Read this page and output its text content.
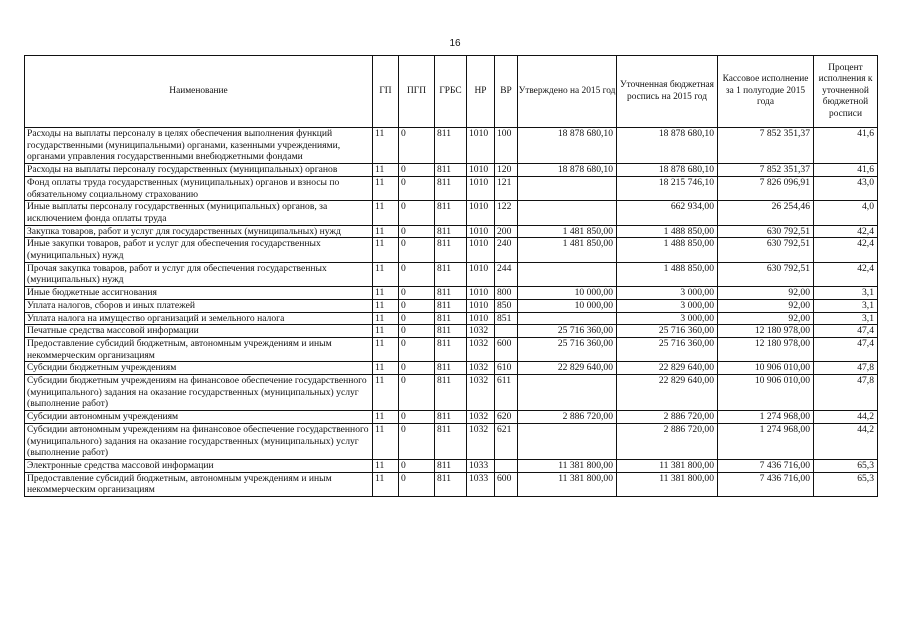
16
Наименование	ГП	ПГП	ГРБС	НР	ВР	Утверждено на 2015 год	Уточненная бюджетная роспись на 2015 год	Кассовое исполнение за 1 полугодие 2015 года	Процент исполнения к уточненной бюджетной росписи
Расходы на выплаты персоналу в целях обеспечения выполнения функций государственными (муниципальными) органами, казенными учреждениями, органами управления государственными внебюджетными фондами	11	0	811	1010	100	18 878 680,10	18 878 680,10	7 852 351,37	41,6
Расходы на выплаты персоналу государственных (муниципальных) органов	11	0	811	1010	120	18 878 680,10	18 878 680,10	7 852 351,37	41,6
Фонд оплаты труда государственных (муниципальных) органов и взносы по обязательному социальному страхованию	11	0	811	1010	121		18 215 746,10	7 826 096,91	43,0
Иные выплаты персоналу государственных (муниципальных) органов, за исключением фонда оплаты труда	11	0	811	1010	122		662 934,00	26 254,46	4,0
Закупка товаров, работ и услуг для государственных (муниципальных) нужд	11	0	811	1010	200	1 481 850,00	1 488 850,00	630 792,51	42,4
Иные закупки товаров, работ и услуг для обеспечения государственных (муниципальных) нужд	11	0	811	1010	240	1 481 850,00	1 488 850,00	630 792,51	42,4
Прочая закупка товаров, работ и услуг для обеспечения государственных (муниципальных) нужд	11	0	811	1010	244		1 488 850,00	630 792,51	42,4
Иные бюджетные ассигнования	11	0	811	1010	800	10 000,00	3 000,00	92,00	3,1
Уплата налогов, сборов и иных платежей	11	0	811	1010	850	10 000,00	3 000,00	92,00	3,1
Уплата налога на имущество организаций и земельного налога	11	0	811	1010	851		3 000,00	92,00	3,1
Печатные средства массовой информации	11	0	811	1032		25 716 360,00	25 716 360,00	12 180 978,00	47,4
Предоставление субсидий бюджетным, автономным учреждениям и иным некоммерческим организациям	11	0	811	1032	600	25 716 360,00	25 716 360,00	12 180 978,00	47,4
Субсидии бюджетным учреждениям	11	0	811	1032	610	22 829 640,00	22 829 640,00	10 906 010,00	47,8
Субсидии бюджетным учреждениям на финансовое обеспечение государственного (муниципального) задания на оказание государственных (муниципальных) услуг (выполнение работ)	11	0	811	1032	611		22 829 640,00	10 906 010,00	47,8
Субсидии автономным учреждениям	11	0	811	1032	620	2 886 720,00	2 886 720,00	1 274 968,00	44,2
Субсидии автономным учреждениям на финансовое обеспечение государственного (муниципального) задания на оказание государственных (муниципальных) услуг (выполнение работ)	11	0	811	1032	621		2 886 720,00	1 274 968,00	44,2
Электронные средства массовой информации	11	0	811	1033		11 381 800,00	11 381 800,00	7 436 716,00	65,3
Предоставление субсидий бюджетным, автономным учреждениям и иным некоммерческим организациям	11	0	811	1033	600	11 381 800,00	11 381 800,00	7 436 716,00	65,3
